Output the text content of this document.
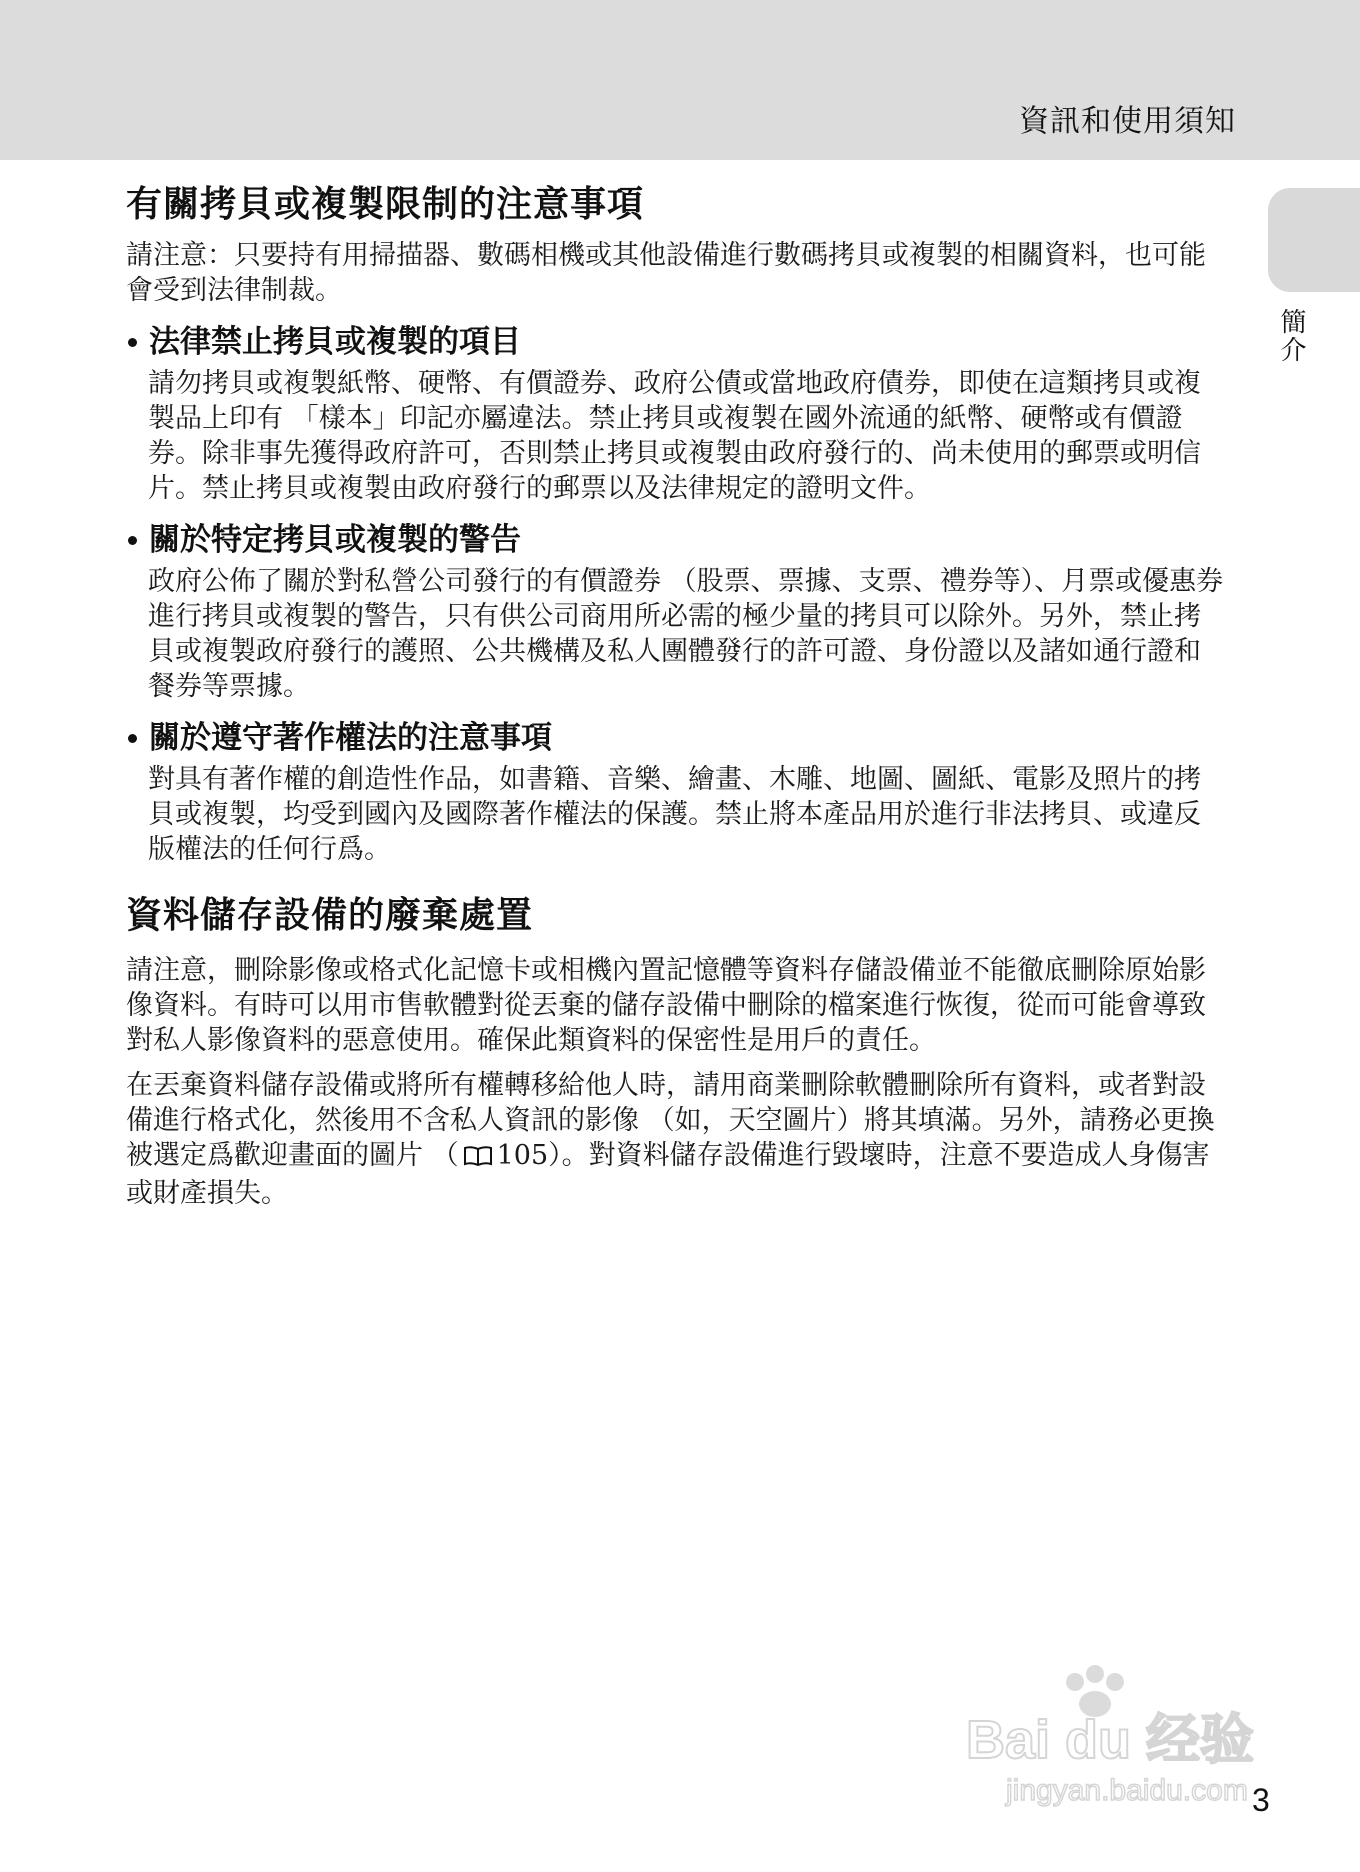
資訊和使用須知
簡介
有關拷貝或複製限制的注意事項

請注意：只要持有用掃描器、數碼相機或其他設備進行數碼拷貝或複製的相關資料，也可能會受到法律制裁。

法律禁止拷貝或複製的項目

請勿拷貝或複製紙幣、硬幣、有價證券、政府公債或當地政府債券，即使在這類拷貝或複製品上印有 「樣本」印記亦屬違法。禁止拷貝或複製在國外流通的紙幣、硬幣或有價證券。除非事先獲得政府許可，否則禁止拷貝或複製由政府發行的、尚未使用的郵票或明信片。禁止拷貝或複製由政府發行的郵票以及法律規定的證明文件。

關於特定拷貝或複製的警告

政府公佈了關於對私營公司發行的有價證券 （股票、票據、支票、禮券等）、月票或優惠券進行拷貝或複製的警告，只有供公司商用所必需的極少量的拷貝可以除外。另外，禁止拷貝或複製政府發行的護照、公共機構及私人團體發行的許可證、身份證以及諸如通行證和餐券等票據。

關於遵守著作權法的注意事項

對具有著作權的創造性作品，如書籍、音樂、繪畫、木雕、地圖、圖紙、電影及照片的拷貝或複製，均受到國內及國際著作權法的保護。禁止將本產品用於進行非法拷貝、或違反版權法的任何行爲。

資料儲存設備的廢棄處置

請注意，刪除影像或格式化記憶卡或相機內置記憶體等資料存儲設備並不能徹底刪除原始影像資料。有時可以用市售軟體對從丟棄的儲存設備中刪除的檔案進行恢復，從而可能會導致對私人影像資料的惡意使用。確保此類資料的保密性是用戶的責任。

在丟棄資料儲存設備或將所有權轉移給他人時，請用商業刪除軟體刪除所有資料，或者對設備進行格式化，然後用不含私人資訊的影像 （如，天空圖片）將其填滿。另外，請務必更換被選定爲歡迎畫面的圖片 （ 105）。對資料儲存設備進行毀壞時，注意不要造成人身傷害或財產損失。

Bai du 经验
jingyan.baidu.com 3
